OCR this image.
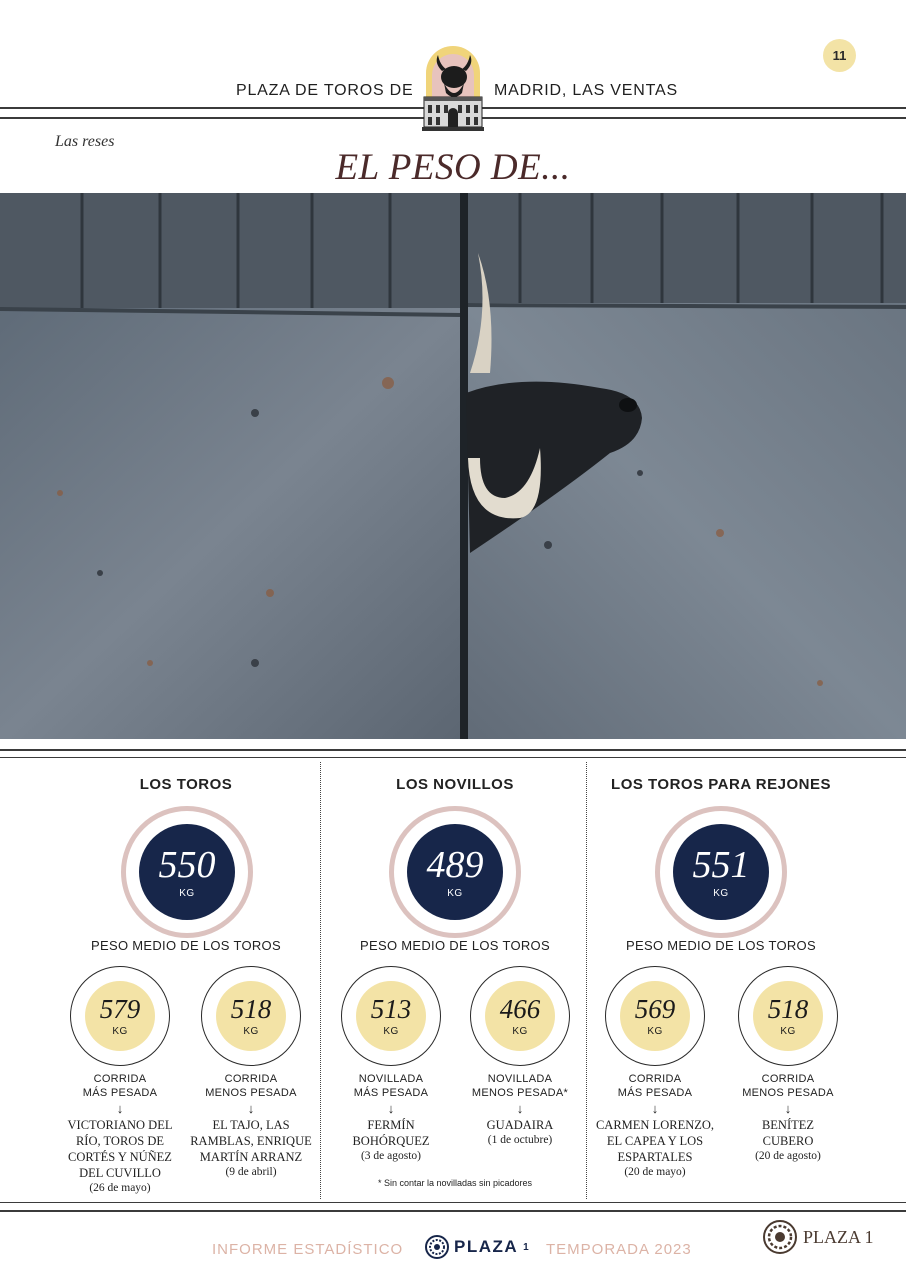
11
PLAZA DE TOROS DE	MADRID, LAS VENTAS
Las reses
EL PESO DE...
LOS TOROS
550
KG
PESO MEDIO DE LOS TOROS
579
KG
CORRIDA
MÁS PESADA
↓
VICTORIANO DEL
RÍO, TOROS DE
CORTÉS Y NÚÑEZ
DEL CUVILLO
(26 de mayo)
518
KG
CORRIDA
MENOS PESADA
↓
EL TAJO, LAS
RAMBLAS, ENRIQUE
MARTÍN ARRANZ
(9 de abril)
LOS NOVILLOS
489
KG
PESO MEDIO DE LOS TOROS
513
KG
NOVILLADA
MÁS PESADA
↓
FERMÍN
BOHÓRQUEZ
(3 de agosto)
466
KG
NOVILLADA
MENOS PESADA*
↓
GUADAIRA
(1 de octubre)
* Sin contar la novilladas sin picadores
LOS TOROS PARA REJONES
551
KG
PESO MEDIO DE LOS TOROS
569
KG
CORRIDA
MÁS PESADA
↓
CARMEN LORENZO,
EL CAPEA Y LOS
ESPARTALES
(20 de mayo)
518
KG
CORRIDA
MENOS PESADA
↓
BENÍTEZ
CUBERO
(20 de agosto)
INFORME ESTADÍSTICO	PLAZA 1 TEMPORADA 2023
PLAZA 1
